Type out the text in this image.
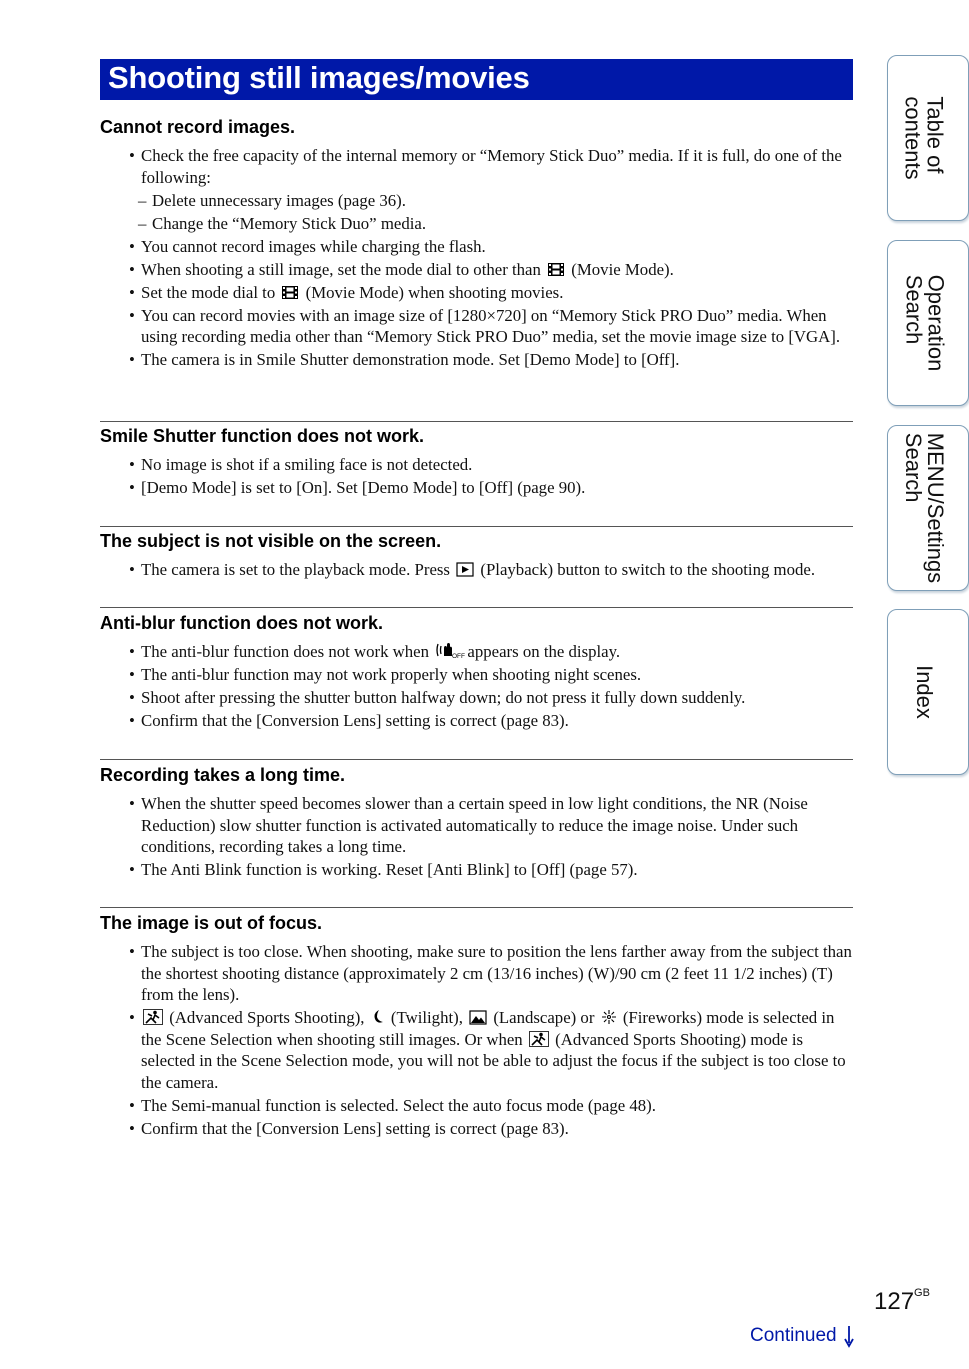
Shooting still images/movies
Cannot record images.
• Check the free capacity of the internal memory or “Memory Stick Duo” media. If it is full, do one of the following:
– Delete unnecessary images (page 36).
– Change the “Memory Stick Duo” media.
• You cannot record images while charging the flash.
• When shooting a still image, set the mode dial to other than (Movie Mode).
• Set the mode dial to (Movie Mode) when shooting movies.
• You can record movies with an image size of [1280×720] on “Memory Stick PRO Duo” media. When using recording media other than “Memory Stick PRO Duo” media, set the movie image size to [VGA].
• The camera is in Smile Shutter demonstration mode. Set [Demo Mode] to [Off].
Smile Shutter function does not work.
• No image is shot if a smiling face is not detected.
• [Demo Mode] is set to [On]. Set [Demo Mode] to [Off] (page 90).
The subject is not visible on the screen.
• The camera is set to the playback mode. Press (Playback) button to switch to the shooting mode.
Anti-blur function does not work.
• The anti-blur function does not work when	OFF appears on the display.
• The anti-blur function may not work properly when shooting night scenes.
• Shoot after pressing the shutter button halfway down; do not press it fully down suddenly.
• Confirm that the [Conversion Lens] setting is correct (page 83).
Recording takes a long time.
• When the shutter speed becomes slower than a certain speed in low light conditions, the NR (Noise Reduction) slow shutter function is activated automatically to reduce the image noise. Under such conditions, recording takes a long time.
• The Anti Blink function is working. Reset [Anti Blink] to [Off] (page 57).
The image is out of focus.
• The subject is too close. When shooting, make sure to position the lens farther away from the subject than the shortest shooting distance (approximately 2 cm (13/16 inches) (W)/90 cm (2 feet 11 1/2 inches) (T) from the lens).
• (Advanced Sports Shooting), (Twilight), (Landscape) or (Fireworks) mode is selected in the Scene Selection when shooting still images. Or when (Advanced Sports Shooting) mode is selected in the Scene Selection mode, you will not be able to adjust the focus if the subject is too close to the camera.
• The Semi-manual function is selected. Select the auto focus mode (page 48).
• Confirm that the [Conversion Lens] setting is correct (page 83).
Table of
contents
Operation
Search
MENU/Settings
Search
Index
$127^{GB}$
Continued
